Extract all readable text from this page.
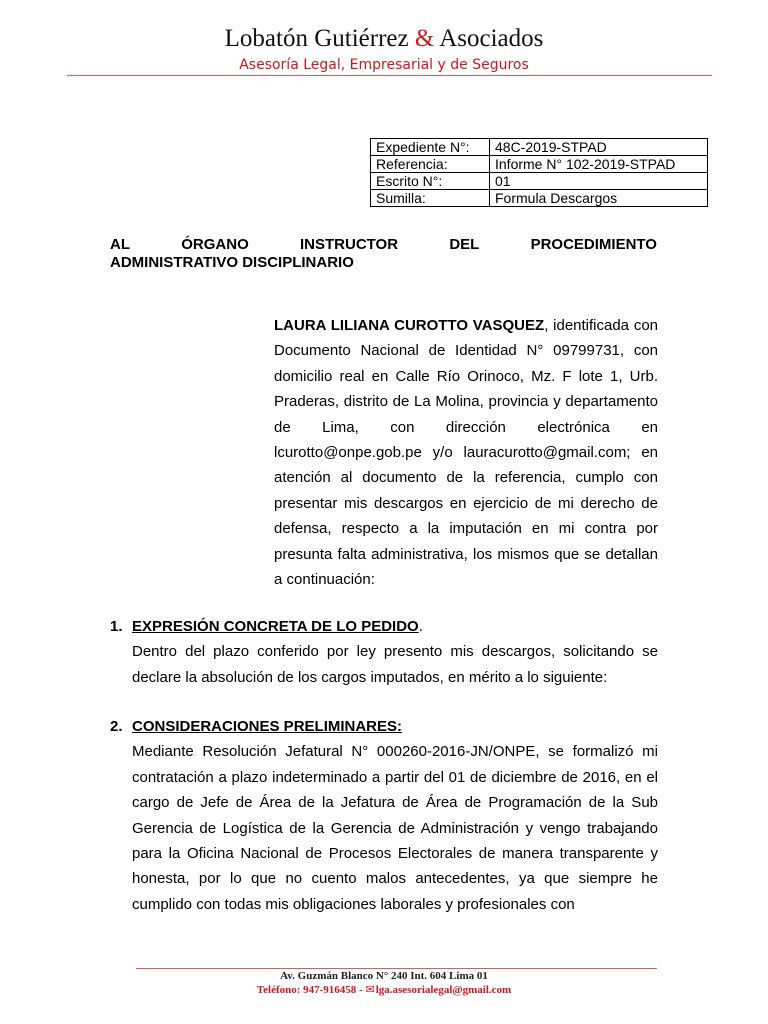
Lobatón Gutiérrez & Asociados
Asesoría Legal, Empresarial y de Seguros
Expediente N°:	48C-2019-STPAD
Referencia:	Informe N° 102-2019-STPAD
Escrito N°:	01
Sumilla:	Formula Descargos
AL	ÓRGANO	INSTRUCTOR	DEL	PROCEDIMIENTO
ADMINISTRATIVO DISCIPLINARIO
LAURA LILIANA CUROTTO VASQUEZ, identificada con Documento Nacional de Identidad N° 09799731, con domicilio real en Calle Río Orinoco, Mz. F lote 1, Urb. Praderas, distrito de La Molina, provincia y departamento de Lima, con dirección electrónica en lcurotto@onpe.gob.pe y/o lauracurotto@gmail.com; en atención al documento de la referencia, cumplo con presentar mis descargos en ejercicio de mi derecho de defensa, respecto a la imputación en mi contra por presunta falta administrativa, los mismos que se detallan a continuación:
1. EXPRESIÓN CONCRETA DE LO PEDIDO.
Dentro del plazo conferido por ley presento mis descargos, solicitando se declare la absolución de los cargos imputados, en mérito a lo siguiente:
2. CONSIDERACIONES PRELIMINARES:
Mediante Resolución Jefatural N° 000260-2016-JN/ONPE, se formalizó mi contratación a plazo indeterminado a partir del 01 de diciembre de 2016, en el cargo de Jefe de Área de la Jefatura de Área de Programación de la Sub Gerencia de Logística de la Gerencia de Administración y vengo trabajando para la Oficina Nacional de Procesos Electorales de manera transparente y honesta, por lo que no cuento malos antecedentes, ya que siempre he cumplido con todas mis obligaciones laborales y profesionales con
Av. Guzmán Blanco N° 240 Int. 604 Lima 01
Teléfono: 947-916458 - ✉lga.asesorialegal@gmail.com
